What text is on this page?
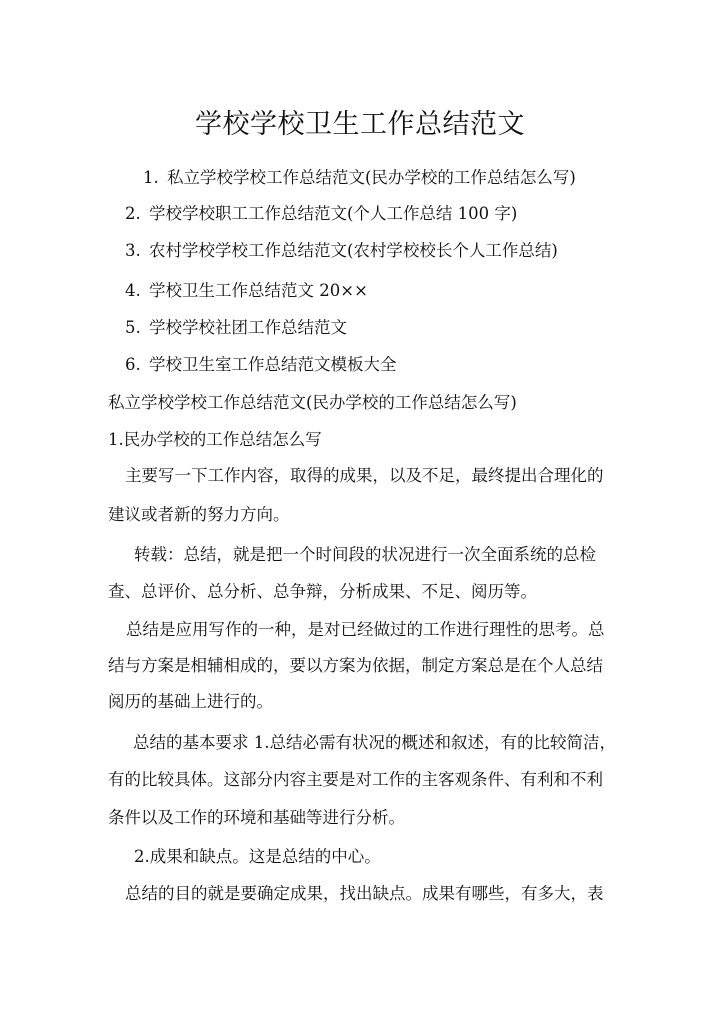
学校学校卫生工作总结范文
1. 私立学校学校工作总结范文(民办学校的工作总结怎么写)
2. 学校学校职工工作总结范文(个人工作总结 100 字)
3. 农村学校学校工作总结范文(农村学校校长个人工作总结)
4. 学校卫生工作总结范文 20××
5. 学校学校社团工作总结范文
6. 学校卫生室工作总结范文模板大全
私立学校学校工作总结范文(民办学校的工作总结怎么写)
1.民办学校的工作总结怎么写
主要写一下工作内容，取得的成果，以及不足，最终提出合理化的
建议或者新的努力方向。
转载：总结，就是把一个时间段的状况进行一次全面系统的总检
查、总评价、总分析、总争辩，分析成果、不足、阅历等。
总结是应用写作的一种，是对已经做过的工作进行理性的思考。总
结与方案是相辅相成的，要以方案为依据，制定方案总是在个人总结
阅历的基础上进行的。
总结的基本要求 1.总结必需有状况的概述和叙述，有的比较简洁，
有的比较具体。这部分内容主要是对工作的主客观条件、有利和不利
条件以及工作的环境和基础等进行分析。
2.成果和缺点。这是总结的中心。
总结的目的就是要确定成果，找出缺点。成果有哪些，有多大，表
